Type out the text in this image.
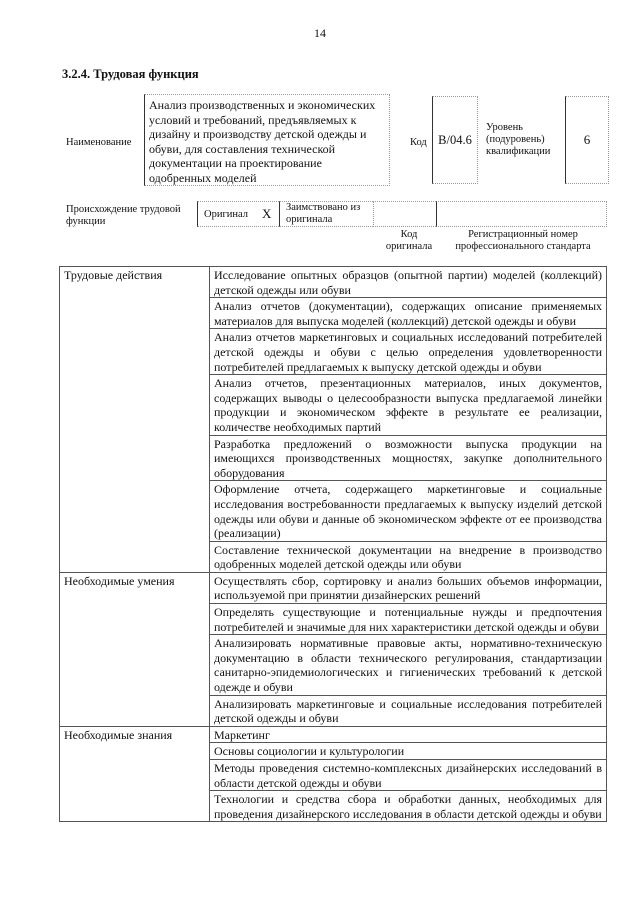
14
3.2.4. Трудовая функция
Наименование
Анализ производственных и экономических условий и требований, предъявляемых к дизайну и производству детской одежды и обуви, для составления технической документации на проектирование одобренных моделей
Код В/04.6
Уровень (подуровень) квалификации
6
Происхождение трудовой функции
Оригинал X	Заимствовано из оригинала
Код оригинала
Регистрационный номер профессионального стандарта
Трудовые действия	Исследование опытных образцов (опытной партии) моделей (коллекций) детской одежды или обуви
	Анализ отчетов (документации), содержащих описание применяемых материалов для выпуска моделей (коллекций) детской одежды и обуви
	Анализ отчетов маркетинговых и социальных исследований потребителей детской одежды и обуви с целью определения удовлетворенности потребителей предлагаемых к выпуску детской одежды и обуви
	Анализ отчетов, презентационных материалов, иных документов, содержащих выводы о целесообразности выпуска предлагаемой линейки продукции и экономическом эффекте в результате ее реализации, количестве необходимых партий
	Разработка предложений о возможности выпуска продукции на имеющихся производственных мощностях, закупке дополнительного оборудования
	Оформление отчета, содержащего маркетинговые и социальные исследования востребованности предлагаемых к выпуску изделий детской одежды или обуви и данные об экономическом эффекте от ее производства (реализации)
	Составление технической документации на внедрение в производство одобренных моделей детской одежды или обуви
Необходимые умения	Осуществлять сбор, сортировку и анализ больших объемов информации, используемой при принятии дизайнерских решений
	Определять существующие и потенциальные нужды и предпочтения потребителей и значимые для них характеристики детской одежды и обуви
	Анализировать нормативные правовые акты, нормативно-техническую документацию в области технического регулирования, стандартизации санитарно-эпидемиологических и гигиенических требований к детской одежде и обуви
	Анализировать маркетинговые и социальные исследования потребителей детской одежды и обуви
Необходимые знания	Маркетинг
	Основы социологии и культурологии
	Методы проведения системно-комплексных дизайнерских исследований в области детской одежды и обуви
	Технологии и средства сбора и обработки данных, необходимых для проведения дизайнерского исследования в области детской одежды и обуви
